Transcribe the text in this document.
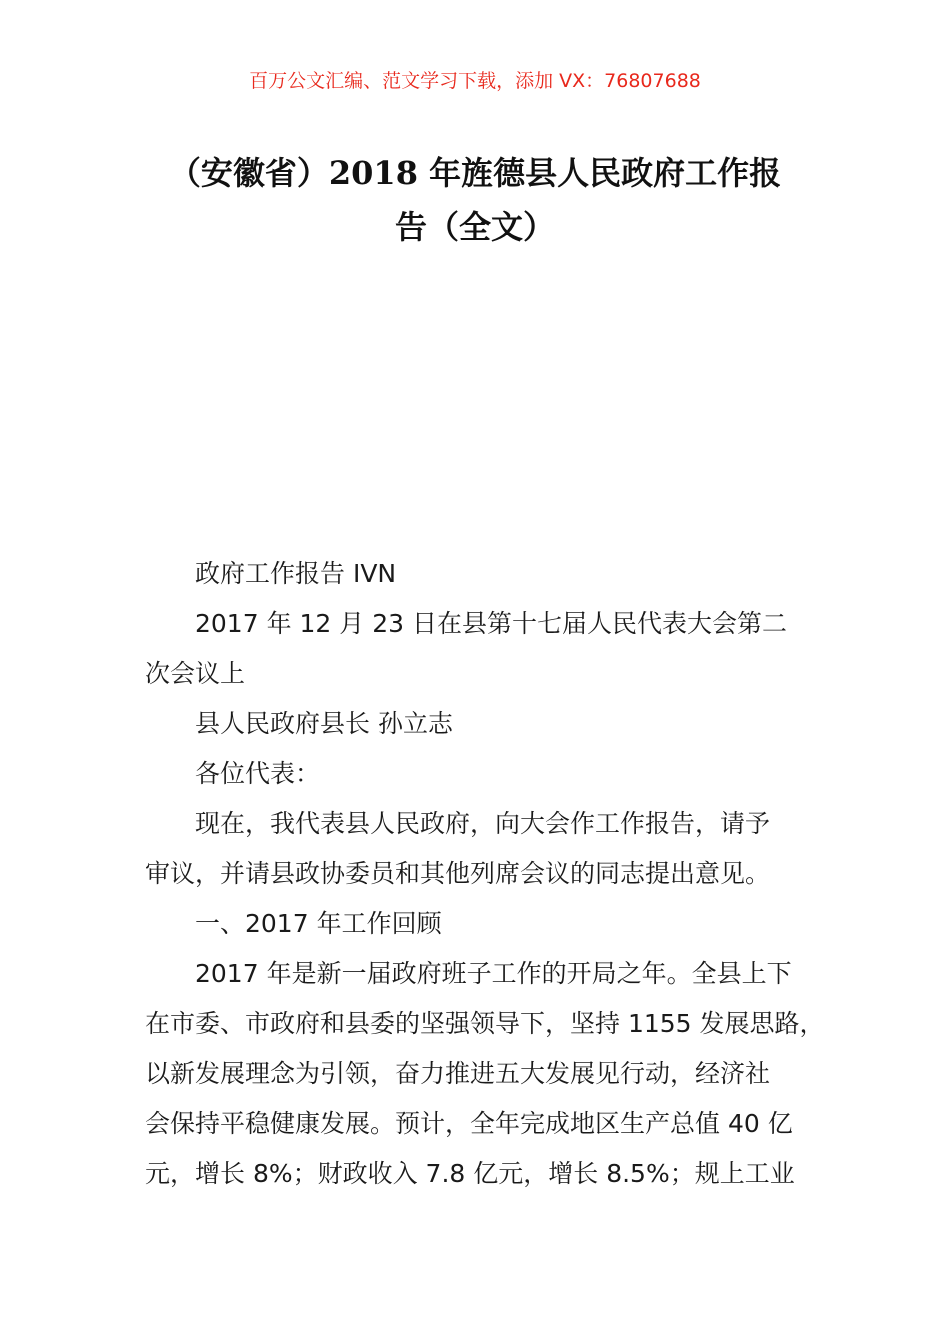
百万公文汇编、范文学习下载，添加 VX：76807688
（安徽省）2018 年旌德县人民政府工作报
告（全文）
政府工作报告 IVN
2017 年 12 月 23 日在县第十七届人民代表大会第二
次会议上
县人民政府县长 孙立志
各位代表：
现在，我代表县人民政府，向大会作工作报告，请予
审议，并请县政协委员和其他列席会议的同志提出意见。
一、2017 年工作回顾
2017 年是新一届政府班子工作的开局之年。全县上下
在市委、市政府和县委的坚强领导下，坚持 1155 发展思路，
以新发展理念为引领，奋力推进五大发展见行动，经济社
会保持平稳健康发展。预计，全年完成地区生产总值 40 亿
元，增长 8%；财政收入 7.8 亿元，增长 8.5%；规上工业
